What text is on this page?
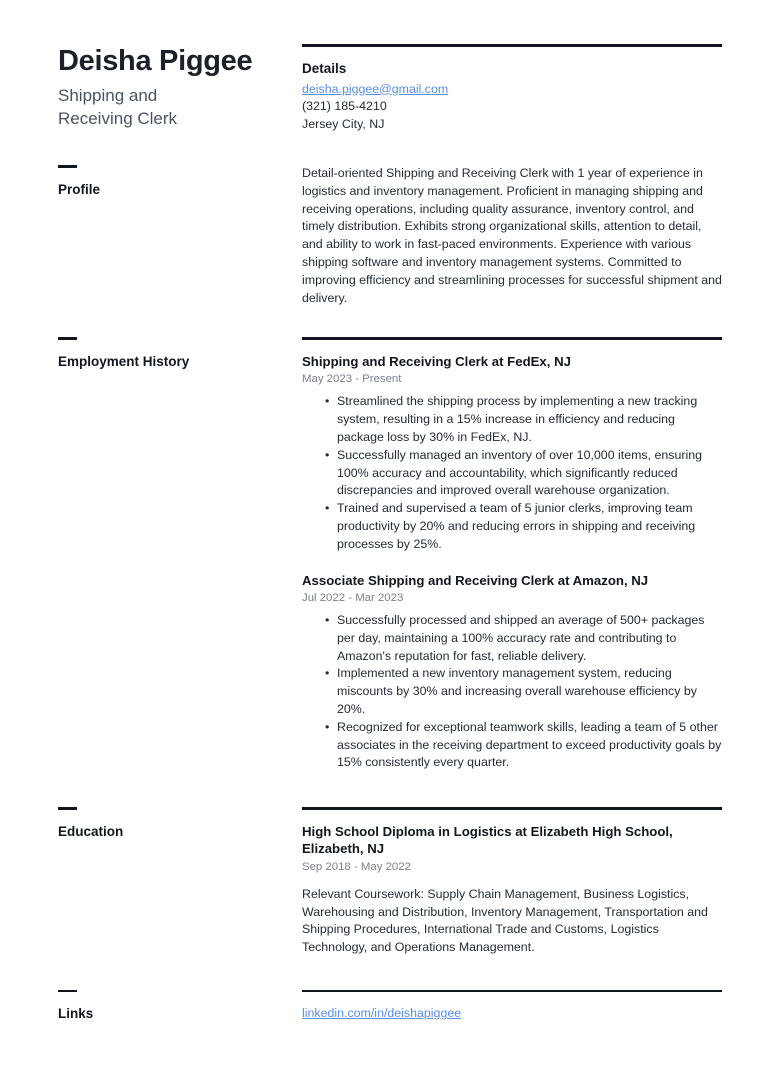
Deisha Piggee
Shipping and
Receiving Clerk
Details
deisha.piggee@gmail.com
(321) 185-4210
Jersey City, NJ
Profile

Detail-oriented Shipping and Receiving Clerk with 1 year of experience in logistics and inventory management. Proficient in managing shipping and receiving operations, including quality assurance, inventory control, and timely distribution. Exhibits strong organizational skills, attention to detail, and ability to work in fast-paced environments. Experience with various shipping software and inventory management systems. Committed to improving efficiency and streamlining processes for successful shipment and delivery.

Employment History	Shipping and Receiving Clerk at FedEx, NJ
May 2023 - Present
• Streamlined the shipping process by implementing a new tracking system, resulting in a 15% increase in efficiency and reducing package loss by 30% in FedEx, NJ.
• Successfully managed an inventory of over 10,000 items, ensuring 100% accuracy and accountability, which significantly reduced discrepancies and improved overall warehouse organization.
• Trained and supervised a team of 5 junior clerks, improving team productivity by 20% and reducing errors in shipping and receiving processes by 25%.
Associate Shipping and Receiving Clerk at Amazon, NJ
Jul 2022 - Mar 2023
• Successfully processed and shipped an average of 500+ packages per day, maintaining a 100% accuracy rate and contributing to Amazon's reputation for fast, reliable delivery.
• Implemented a new inventory management system, reducing miscounts by 30% and increasing overall warehouse efficiency by 20%.
• Recognized for exceptional teamwork skills, leading a team of 5 other associates in the receiving department to exceed productivity goals by 15% consistently every quarter.
Education	High School Diploma in Logistics at Elizabeth High School, Elizabeth, NJ
Sep 2018 - May 2022

Relevant Coursework: Supply Chain Management, Business Logistics, Warehousing and Distribution, Inventory Management, Transportation and Shipping Procedures, International Trade and Customs, Logistics Technology, and Operations Management.

Links	linkedin.com/in/deishapiggee
